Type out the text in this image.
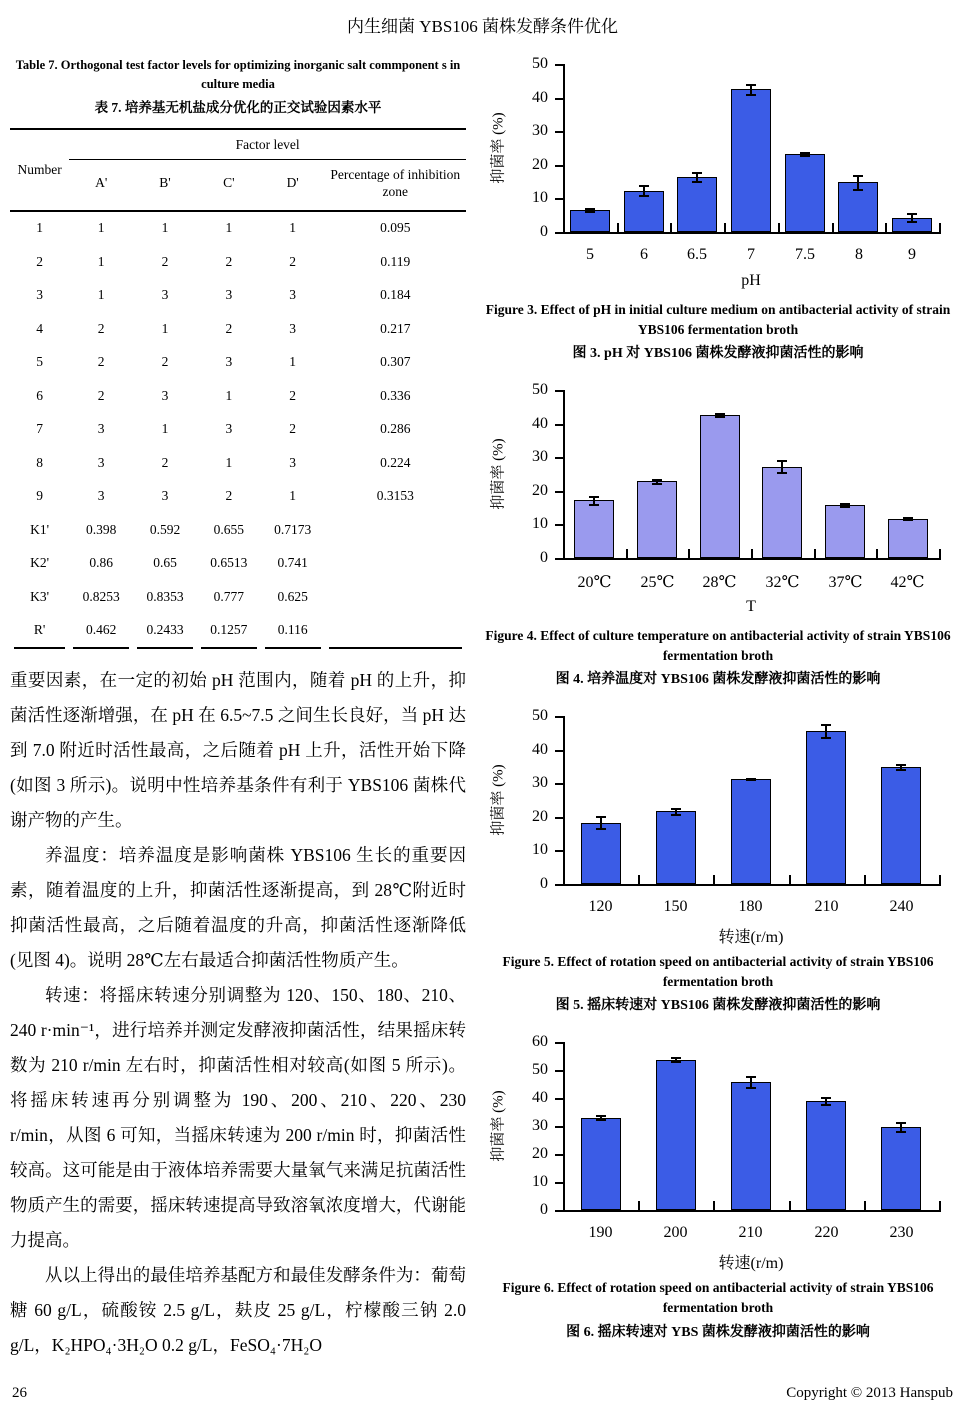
内生细菌 YBS106 菌株发酵条件优化
Table 7. Orthogonal test factor levels for optimizing inorganic salt commponent s in culture media
表 7. 培养基无机盐成分优化的正交试验因素水平
Number	Factor level				
	A'	B'	C'	D'	Percentage of inhibition zone
1	1	1	1	1	0.095
2	1	2	2	2	0.119
3	1	3	3	3	0.184
4	2	1	2	3	0.217
5	2	2	3	1	0.307
6	2	3	1	2	0.336
7	3	1	3	2	0.286
8	3	2	1	3	0.224
9	3	3	2	1	0.3153
K1'	0.398	0.592	0.655	0.7173	
K2'	0.86	0.65	0.6513	0.741	
K3'	0.8253	0.8353	0.777	0.625	
R'	0.462	0.2433	0.1257	0.116	

重要因素，在一定的初始 pH 范围内，随着 pH 的上升，抑菌活性逐渐增强，在 pH 在 6.5~7.5 之间生长良好，当 pH 达到 7.0 附近时活性最高，之后随着 pH 上升，活性开始下降(如图 3 所示)。说明中性培养基条件有利于 YBS106 菌株代谢产物的产生。

养温度：培养温度是影响菌株 YBS106 生长的重要因素，随着温度的上升，抑菌活性逐渐提高，到 28℃附近时抑菌活性最高，之后随着温度的升高，抑菌活性逐渐降低(见图 4)。说明 28℃左右最适合抑菌活性物质产生。

转速：将摇床转速分别调整为 120、150、180、210、240 r·min⁻¹，进行培养并测定发酵液抑菌活性，结果摇床转数为 210 r/min 左右时，抑菌活性相对较高(如图 5 所示)。将摇床转速再分别调整为 190、200、210、220、230 r/min，从图 6 可知，当摇床转速为 200 r/min 时，抑菌活性较高。这可能是由于液体培养需要大量氧气来满足抗菌活性物质产生的需要，摇床转速提高导致溶氧浓度增大，代谢能力提高。

从以上得出的最佳培养基配方和最佳发酵条件为：葡萄糖 60 g/L，硫酸铵 2.5 g/L，麸皮 25 g/L，柠檬酸三钠 2.0 g/L，K₂HPO₄·3H₂O 0.2 g/L，FeSO₄·7H₂O

0
10
20
30
40
50
抑菌率 (%)
5	6	6.5	7	7.5	8	9
pH
Figure 3. Effect of pH in initial culture medium on antibacterial activity of strain YBS106 fermentation broth
图 3. pH 对 YBS106 菌株发酵液抑菌活性的影响
0
10
20
30
40
50
抑菌率 (%)
20℃	25℃	28℃	32℃	37℃	42℃
T
Figure 4. Effect of culture temperature on antibacterial activity of strain YBS106 fermentation broth
图 4. 培养温度对 YBS106 菌株发酵液抑菌活性的影响
0
10
20
30
40
50
抑菌率 (%)
120	150	180	210	240
转速(r/m)
Figure 5. Effect of rotation speed on antibacterial activity of strain YBS106 fermentation broth
图 5. 摇床转速对 YBS106 菌株发酵液抑菌活性的影响
0
10
20
30
40
50
60
抑菌率 (%)
190	200	210	220	230
转速(r/m)
Figure 6. Effect of rotation speed on antibacterial activity of strain YBS106 fermentation broth
图 6. 摇床转速对 YBS 菌株发酵液抑菌活性的影响
26	Copyright © 2013 Hanspub
